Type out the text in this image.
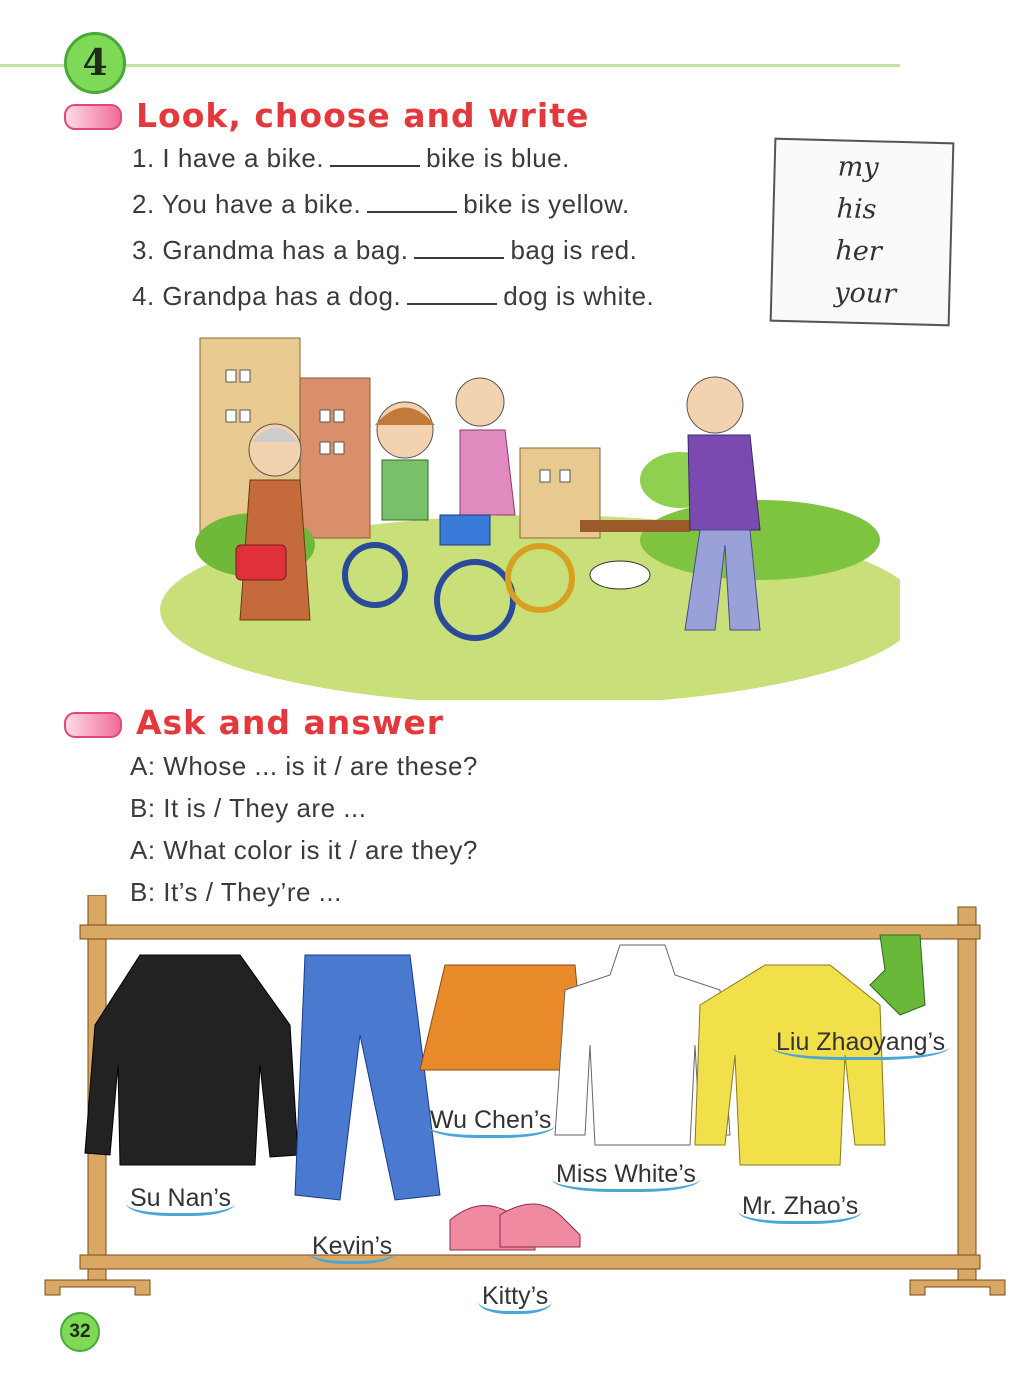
4
Look, choose and write
1. I have a bike.	bike is blue.
2. You have a bike.	bike is yellow.
3. Grandma has a bag.	bag is red.
4. Grandpa has a dog.	dog is white.
my
his
her
your
Ask and answer
A: Whose ... is it / are these?
B: It is / They are ...
A: What color is it / are they?
B: It’s / They’re ...
Su Nan’s
Kevin’s
Wu Chen’s
Miss White’s
Liu Zhaoyang’s
Mr. Zhao’s
Kitty’s
32
